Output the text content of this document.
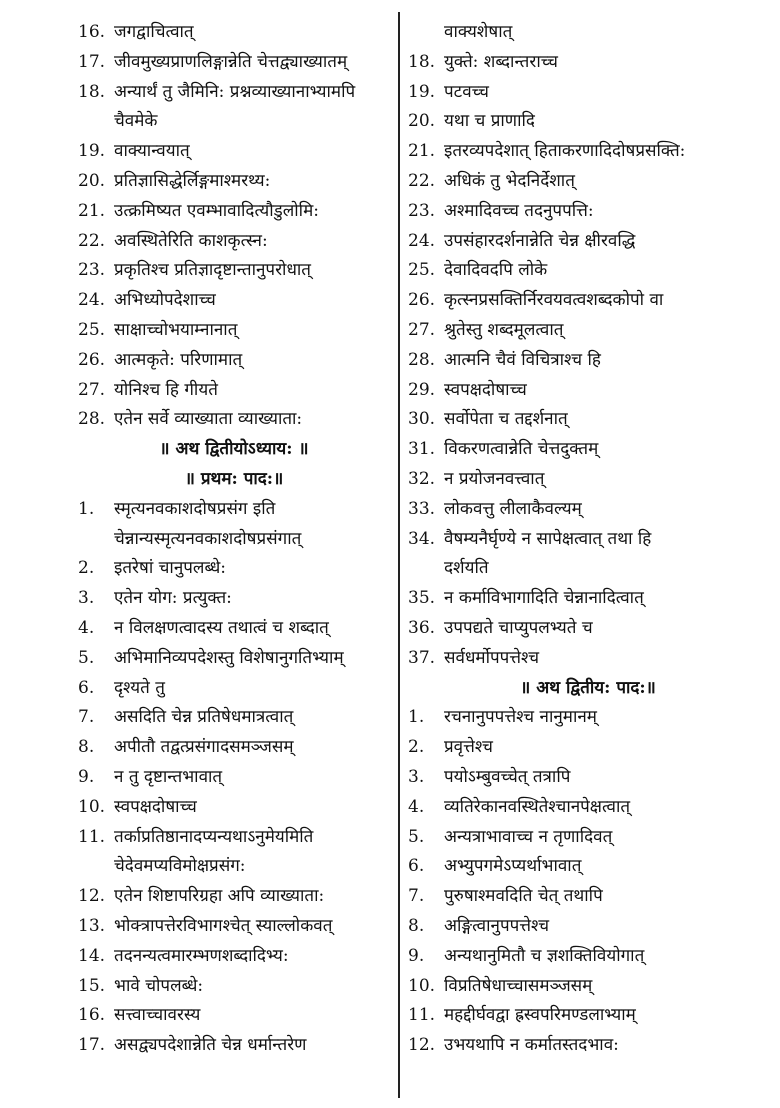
16. जगद्वाचित्वात्
17. जीवमुख्यप्राणलिङ्गान्नेति चेत्तद्व्याख्यातम्
18. अन्यार्थं तु जैमिनि: प्रश्नव्याख्यानाभ्यामपि
चैवमेके
19. वाक्यान्वयात्
20. प्रतिज्ञासिद्धेर्लिङ्गमाश्मरथ्य:
21. उत्क्रमिष्यत एवम्भावादित्यौडुलोमि:
22. अवस्थितेरिति काशकृत्स्न:
23. प्रकृतिश्च प्रतिज्ञादृष्टान्तानुपरोधात्
24. अभिध्योपदेशाच्च
25. साक्षाच्चोभयाम्नानात्
26. आत्मकृते: परिणामात्
27. योनिश्च हि गीयते
28. एतेन सर्वे व्याख्याता व्याख्याता:
॥ अथ द्वितीयोऽध्याय: ॥
॥ प्रथम: पाद:॥
1.	स्मृत्यनवकाशदोषप्रसंग इति
चेन्नान्यस्मृत्यनवकाशदोषप्रसंगात्
2.	इतरेषां चानुपलब्धे:
3.	एतेन योग: प्रत्युक्त:
4.	न विलक्षणत्वादस्य तथात्वं च शब्दात्
5.	अभिमानिव्यपदेशस्तु विशेषानुगतिभ्याम्
6.	दृश्यते तु
7.	असदिति चेन्न प्रतिषेधमात्रत्वात्
8.	अपीतौ तद्वत्प्रसंगादसमञ्जसम्
9.	न तु दृष्टान्तभावात्
10. स्वपक्षदोषाच्च
11. तर्काप्रतिष्ठानादप्यन्यथाऽनुमेयमिति
चेदेवमप्यविमोक्षप्रसंग:
12. एतेन शिष्टापरिग्रहा अपि व्याख्याता:
13. भोक्त्रापत्तेरविभागश्चेत् स्याल्लोकवत्
14. तदनन्यत्वमारम्भणशब्दादिभ्य:
15. भावे चोपलब्धे:
16. सत्त्वाच्चावरस्य
17. असद्व्यपदेशान्नेति चेन्न धर्मान्तरेण
वाक्यशेषात्
18. युक्ते: शब्दान्तराच्च
19. पटवच्च
20. यथा च प्राणादि
21. इतरव्यपदेशात् हिताकरणादिदोषप्रसक्ति:
22. अधिकं तु भेदनिर्देशात्
23. अश्मादिवच्च तदनुपपत्ति:
24. उपसंहारदर्शनान्नेति चेन्न क्षीरवद्धि
25. देवादिवदपि लोके
26. कृत्स्नप्रसक्तिर्निरवयवत्वशब्दकोपो वा
27. श्रुतेस्तु शब्दमूलत्वात्
28. आत्मनि चैवं विचित्राश्च हि
29. स्वपक्षदोषाच्च
30. सर्वोपेता च तद्दर्शनात्
31. विकरणत्वान्नेति चेत्तदुक्तम्
32. न प्रयोजनवत्त्वात्
33. लोकवत्तु लीलाकैवल्यम्
34. वैषम्यनैर्घृण्ये न सापेक्षत्वात् तथा हि
दर्शयति
35. न कर्माविभागादिति चेन्नानादित्वात्
36. उपपद्यते चाप्युपलभ्यते च
37. सर्वधर्मोपपत्तेश्च
॥ अथ द्वितीय: पाद:॥
1.	रचनानुपपत्तेश्च नानुमानम्
2.	प्रवृत्तेश्च
3.	पयोऽम्बुवच्चेत् तत्रापि
4.	व्यतिरेकानवस्थितेश्चानपेक्षत्वात्
5.	अन्यत्राभावाच्च न तृणादिवत्
6.	अभ्युपगमेऽप्यर्थाभावात्
7.	पुरुषाश्मवदिति चेत् तथापि
8.	अङ्गित्वानुपपत्तेश्च
9.	अन्यथानुमितौ च ज्ञशक्तिवियोगात्
10. विप्रतिषेधाच्चासमञ्जसम्
11. महद्दीर्घवद्वा ह्रस्वपरिमण्डलाभ्याम्
12. उभयथापि न कर्मातस्तदभाव:
